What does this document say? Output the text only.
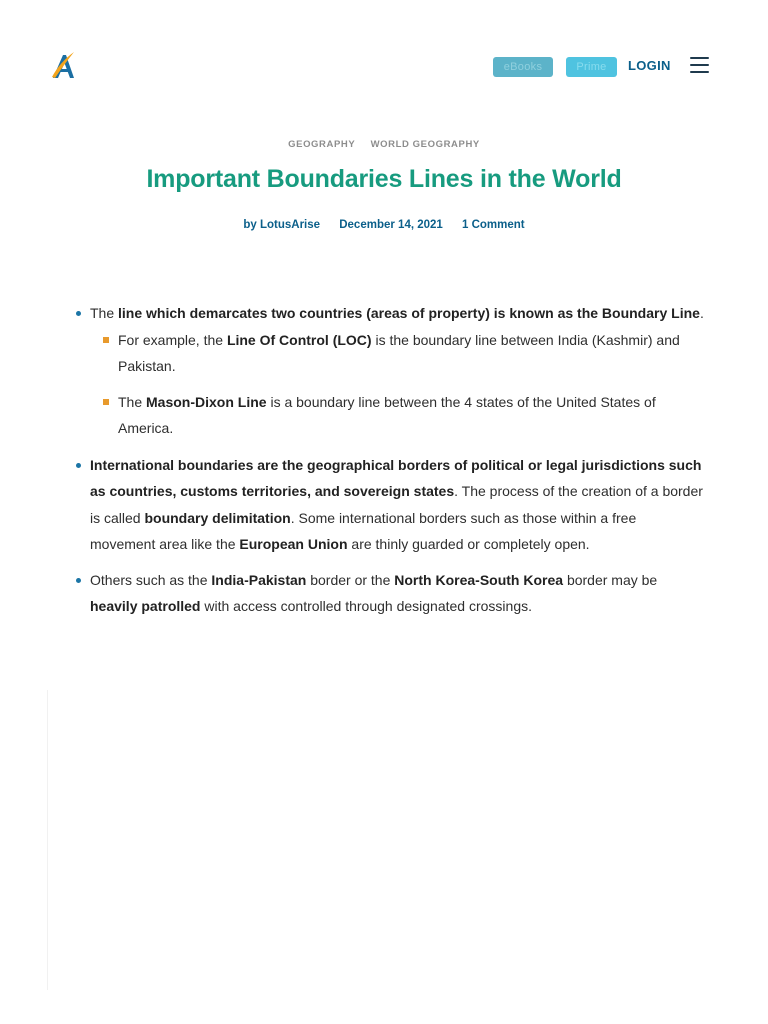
eBooks	Prime	LOGIN
GEOGRAPHY WORLD GEOGRAPHY
Important Boundaries Lines in the World
by LotusArise December 14, 2021 1 Comment
The line which demarcates two countries (areas of property) is known as the Boundary Line.
For example, the Line Of Control (LOC) is the boundary line between India (Kashmir) and Pakistan.
The Mason-Dixon Line is a boundary line between the 4 states of the United States of America.
International boundaries are the geographical borders of political or legal jurisdictions such as countries, customs territories, and sovereign states. The process of the creation of a border is called boundary delimitation. Some international borders such as those within a free movement area like the European Union are thinly guarded or completely open.
Others such as the India-Pakistan border or the North Korea-South Korea border may be heavily patrolled with access controlled through designated crossings.
